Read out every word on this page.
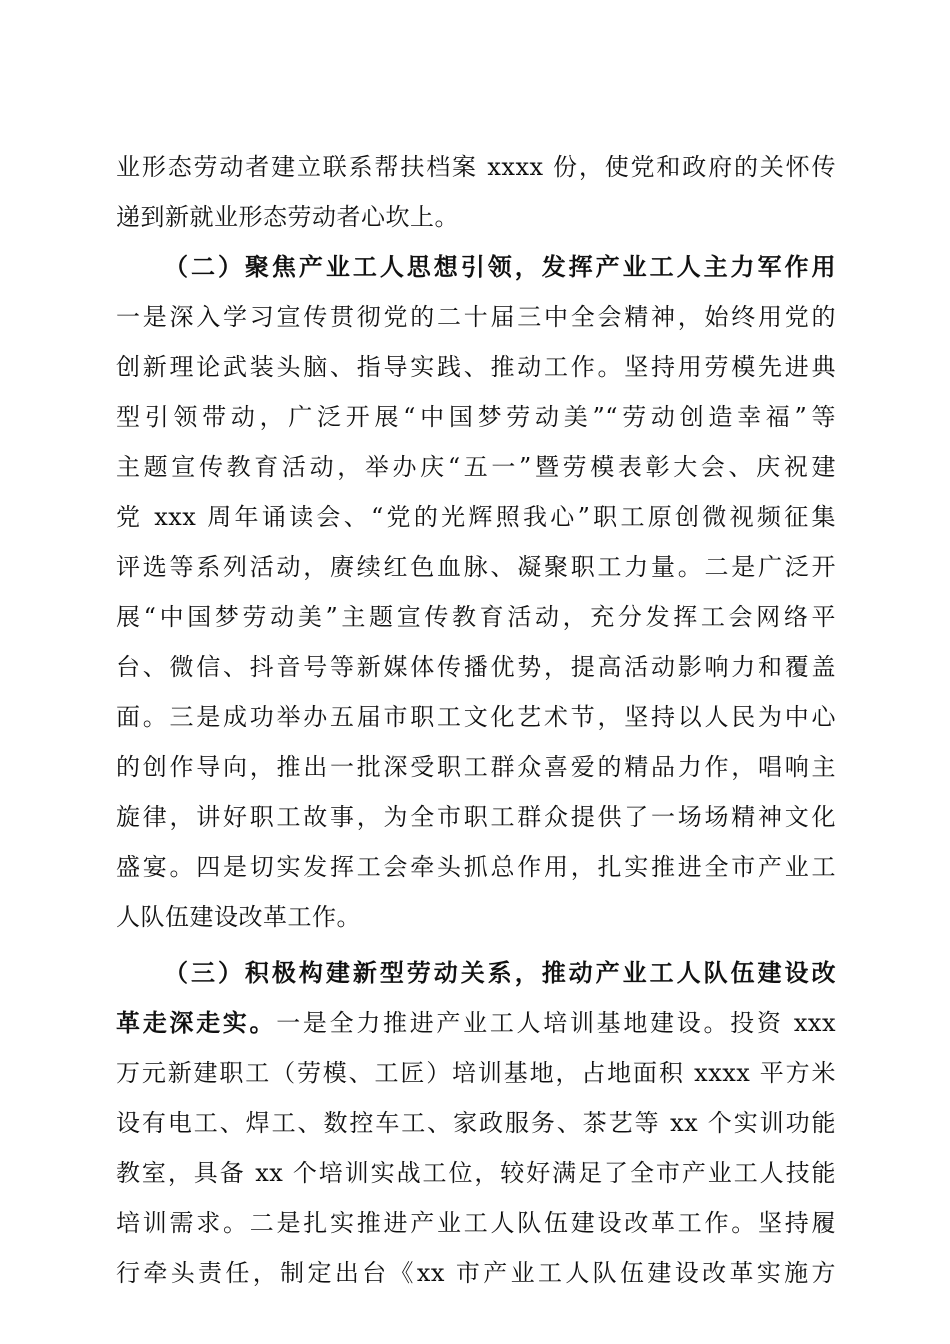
业形态劳动者建立联系帮扶档案 xxxx 份，使党和政府的关怀传
递到新就业形态劳动者心坎上。
（二）聚焦产业工人思想引领，发挥产业工人主力军作用
一是深入学习宣传贯彻党的二十届三中全会精神，始终用党的
创新理论武装头脑、指导实践、推动工作。坚持用劳模先进典
型引领带动，广泛开展“中国梦劳动美”“劳动创造幸福”等
主题宣传教育活动，举办庆“五一”暨劳模表彰大会、庆祝建
党 xxx 周年诵读会、“党的光辉照我心”职工原创微视频征集
评选等系列活动，赓续红色血脉、凝聚职工力量。二是广泛开
展“中国梦劳动美”主题宣传教育活动，充分发挥工会网络平
台、微信、抖音号等新媒体传播优势，提高活动影响力和覆盖
面。三是成功举办五届市职工文化艺术节，坚持以人民为中心
的创作导向，推出一批深受职工群众喜爱的精品力作，唱响主
旋律，讲好职工故事，为全市职工群众提供了一场场精神文化
盛宴。四是切实发挥工会牵头抓总作用，扎实推进全市产业工
人队伍建设改革工作。
（三）积极构建新型劳动关系，推动产业工人队伍建设改
革走深走实。一是全力推进产业工人培训基地建设。投资 xxx
万元新建职工（劳模、工匠）培训基地，占地面积 xxxx 平方米
设有电工、焊工、数控车工、家政服务、茶艺等 xx 个实训功能
教室，具备 xx 个培训实战工位，较好满足了全市产业工人技能
培训需求。二是扎实推进产业工人队伍建设改革工作。坚持履
行牵头责任，制定出台《xx 市产业工人队伍建设改革实施方
